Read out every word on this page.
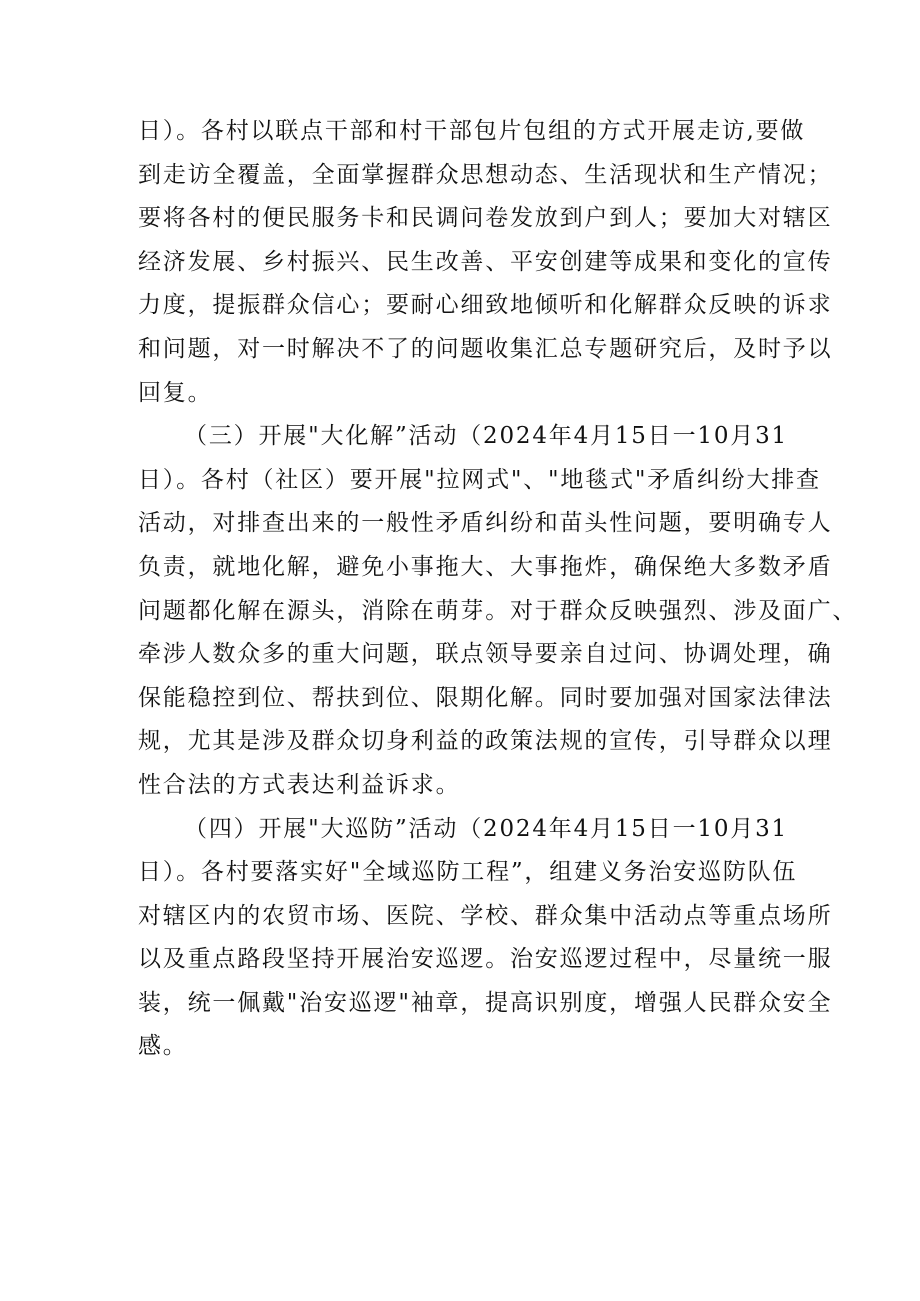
日）。各村以联点干部和村干部包片包组的方式开展走访,要做
到走访全覆盖，全面掌握群众思想动态、生活现状和生产情况；
要将各村的便民服务卡和民调问卷发放到户到人；要加大对辖区
经济发展、乡村振兴、民生改善、平安创建等成果和变化的宣传
力度，提振群众信心；要耐心细致地倾听和化解群众反映的诉求
和问题，对一时解决不了的问题收集汇总专题研究后，及时予以
回复。
（三）开展"大化解”活动（2024年4月15日一10月31
日）。各村（社区）要开展"拉网式"、"地毯式"矛盾纠纷大排查
活动，对排查出来的一般性矛盾纠纷和苗头性问题，要明确专人
负责，就地化解，避免小事拖大、大事拖炸，确保绝大多数矛盾
问题都化解在源头，消除在萌芽。对于群众反映强烈、涉及面广、
牵涉人数众多的重大问题，联点领导要亲自过问、协调处理，确
保能稳控到位、帮扶到位、限期化解。同时要加强对国家法律法
规，尤其是涉及群众切身利益的政策法规的宣传，引导群众以理
性合法的方式表达利益诉求。
（四）开展"大巡防”活动（2024年4月15日一10月31
日）。各村要落实好"全域巡防工程”，组建义务治安巡防队伍
对辖区内的农贸市场、医院、学校、群众集中活动点等重点场所
以及重点路段坚持开展治安巡逻。治安巡逻过程中，尽量统一服
装，统一佩戴"治安巡逻"袖章，提高识别度，增强人民群众安全
感。
